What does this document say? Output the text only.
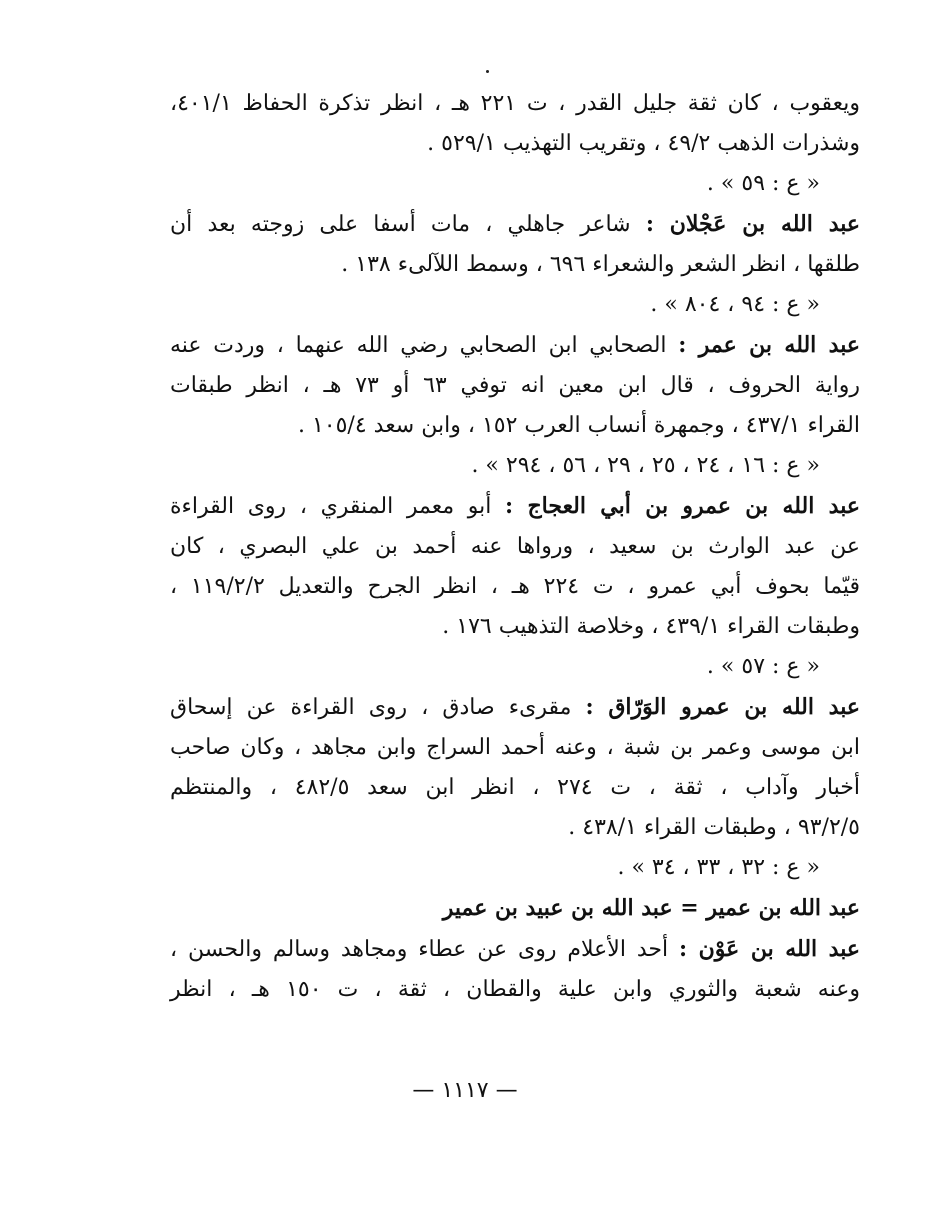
ويعقوب ، كان ثقة جليل القدر ، ت ٢٢١ هـ ، انظر تذكرة الحفاظ ٤٠١/١،
وشذرات الذهب ٤٩/٢ ، وتقريب التهذيب ٥٢٩/١ .
« ع : ٥٩ » .
عبد الله بن عَجْلان : شاعر جاهلي ، مات أسفا على زوجته بعد أن
طلقها ، انظر الشعر والشعراء ٦٩٦ ، وسمط اللآلىء ١٣٨ .
« ع : ٩٤ ، ٨٠٤ » .
عبد الله بن عمر : الصحابي ابن الصحابي رضي الله عنهما ، وردت عنه
رواية الحروف ، قال ابن معين انه توفي ٦٣ أو ٧٣ هـ ، انظر طبقات
القراء ٤٣٧/١ ، وجمهرة أنساب العرب ١٥٢ ، وابن سعد ١٠٥/٤ .
« ع : ١٦ ، ٢٤ ، ٢٥ ، ٢٩ ، ٥٦ ، ٢٩٤ » .
عبد الله بن عمرو بن أبي العجاج : أبو معمر المنقري ، روى القراءة
عن عبد الوارث بن سعيد ، ورواها عنه أحمد بن علي البصري ، كان
قيّما بحوف أبي عمرو ، ت ٢٢٤ هـ ، انظر الجرح والتعديل ١١٩/٢/٢ ،
وطبقات القراء ٤٣٩/١ ، وخلاصة التذهيب ١٧٦ .
« ع : ٥٧ » .
عبد الله بن عمرو الوَرّاق : مقرىء صادق ، روى القراءة عن إسحاق
ابن موسى وعمر بن شبة ، وعنه أحمد السراج وابن مجاهد ، وكان صاحب
أخبار وآداب ، ثقة ، ت ٢٧٤ ، انظر ابن سعد ٤٨٢/٥ ، والمنتظم
٩٣/٢/٥ ، وطبقات القراء ٤٣٨/١ .
« ع : ٣٢ ، ٣٣ ، ٣٤ » .
عبد الله بن عمير = عبد الله بن عبيد بن عمير
عبد الله بن عَوْن : أحد الأعلام روى عن عطاء ومجاهد وسالم والحسن ،
وعنه شعبة والثوري وابن علية والقطان ، ثقة ، ت ١٥٠ هـ ، انظر
— ١١١٧ —
